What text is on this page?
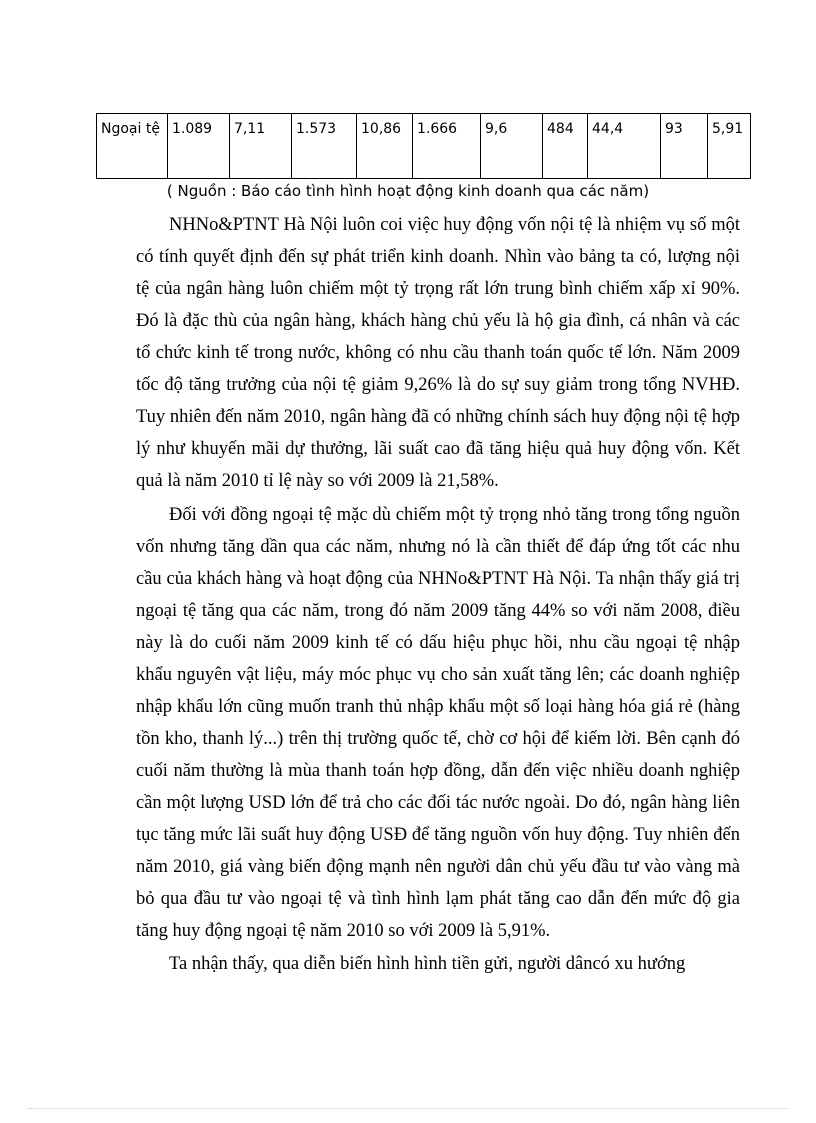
Ngoại tệ	1.089	7,11	1.573	10,86	1.666	9,6	484	44,4	93	5,91

( Nguồn : Báo cáo tình hình hoạt động kinh doanh qua các năm)

NHNo&PTNT Hà Nội luôn coi việc huy động vốn nội tệ là nhiệm vụ số một có tính quyết định đến sự phát triển kinh doanh. Nhìn vào bảng ta có, lượng nội tệ của ngân hàng luôn chiếm một tỷ trọng rất lớn trung bình chiếm xấp xỉ 90%. Đó là đặc thù của ngân hàng, khách hàng chủ yếu là hộ gia đình, cá nhân và các tổ chức kinh tế trong nước, không có nhu cầu thanh toán quốc tế lớn. Năm 2009 tốc độ tăng trưởng của nội tệ giảm 9,26% là do sự suy giảm trong tổng NVHĐ. Tuy nhiên đến năm 2010, ngân hàng đã có những chính sách huy động nội tệ hợp lý như khuyến mãi dự thưởng, lãi suất cao đã tăng hiệu quả huy động vốn. Kết quả là năm 2010 tỉ lệ này so với 2009 là 21,58%.

Đối với đồng ngoại tệ mặc dù chiếm một tỷ trọng nhỏ tăng trong tổng nguồn vốn nhưng tăng dần qua các năm, nhưng nó là cần thiết để đáp ứng tốt các nhu cầu của khách hàng và hoạt động của NHNo&PTNT Hà Nội. Ta nhận thấy giá trị ngoại tệ tăng qua các năm, trong đó năm 2009 tăng 44% so với năm 2008, điều này là do cuối năm 2009 kinh tế có dấu hiệu phục hồi, nhu cầu ngoại tệ nhập khẩu nguyên vật liệu, máy móc phục vụ cho sản xuất tăng lên; các doanh nghiệp nhập khẩu lớn cũng muốn tranh thủ nhập khẩu một số loại hàng hóa giá rẻ (hàng tồn kho, thanh lý...) trên thị trường quốc tế, chờ cơ hội để kiếm lời. Bên cạnh đó cuối năm thường là mùa thanh toán hợp đồng, dẫn đến việc nhiều doanh nghiệp cần một lượng USD lớn để trả cho các đối tác nước ngoài. Do đó, ngân hàng liên tục tăng mức lãi suất huy động USĐ để tăng nguồn vốn huy động. Tuy nhiên đến năm 2010, giá vàng biến động mạnh nên người dân chủ yếu đầu tư vào vàng mà bỏ qua đầu tư vào ngoại tệ và tình hình lạm phát tăng cao dẫn đến mức độ gia tăng huy động ngoại tệ năm 2010 so với 2009 là 5,91%.

Ta nhận thấy, qua diễn biến hình hình tiền gửi, người dâncó xu hướng
